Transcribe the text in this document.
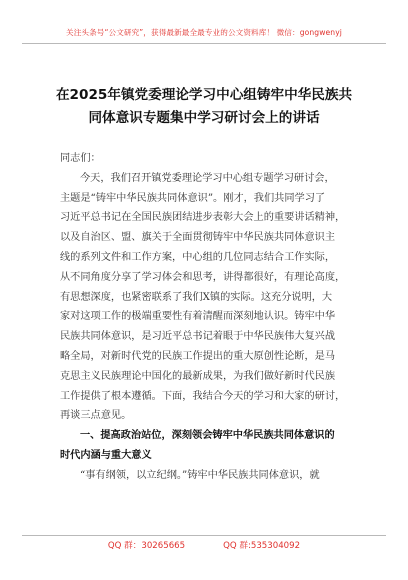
关注头条号“公文研究”，获得最新最全最专业的公文资料库！ 微信：gongwenyj
在2025年镇党委理论学习中心组铸牢中华民族共
同体意识专题集中学习研讨会上的讲话
同志们：
今天，我们召开镇党委理论学习中心组专题学习研讨会，
主题是“铸牢中华民族共同体意识”。刚才，我们共同学习了
习近平总书记在全国民族团结进步表彰大会上的重要讲话精神，
以及自治区、盟、旗关于全面贯彻铸牢中华民族共同体意识主
线的系列文件和工作方案，中心组的几位同志结合工作实际，
从不同角度分享了学习体会和思考，讲得都很好，有理论高度，
有思想深度，也紧密联系了我们X镇的实际。这充分说明，大
家对这项工作的极端重要性有着清醒而深刻地认识。铸牢中华
民族共同体意识，是习近平总书记着眼于中华民族伟大复兴战
略全局，对新时代党的民族工作提出的重大原创性论断，是马
克思主义民族理论中国化的最新成果，为我们做好新时代民族
工作提供了根本遵循。下面，我结合今天的学习和大家的研讨，
再谈三点意见。
一、提高政治站位，深刻领会铸牢中华民族共同体意识的
时代内涵与重大意义
“事有纲领，以立纪纲。”铸牢中华民族共同体意识，就
QQ 群：30265665	QQ 群:535304092
